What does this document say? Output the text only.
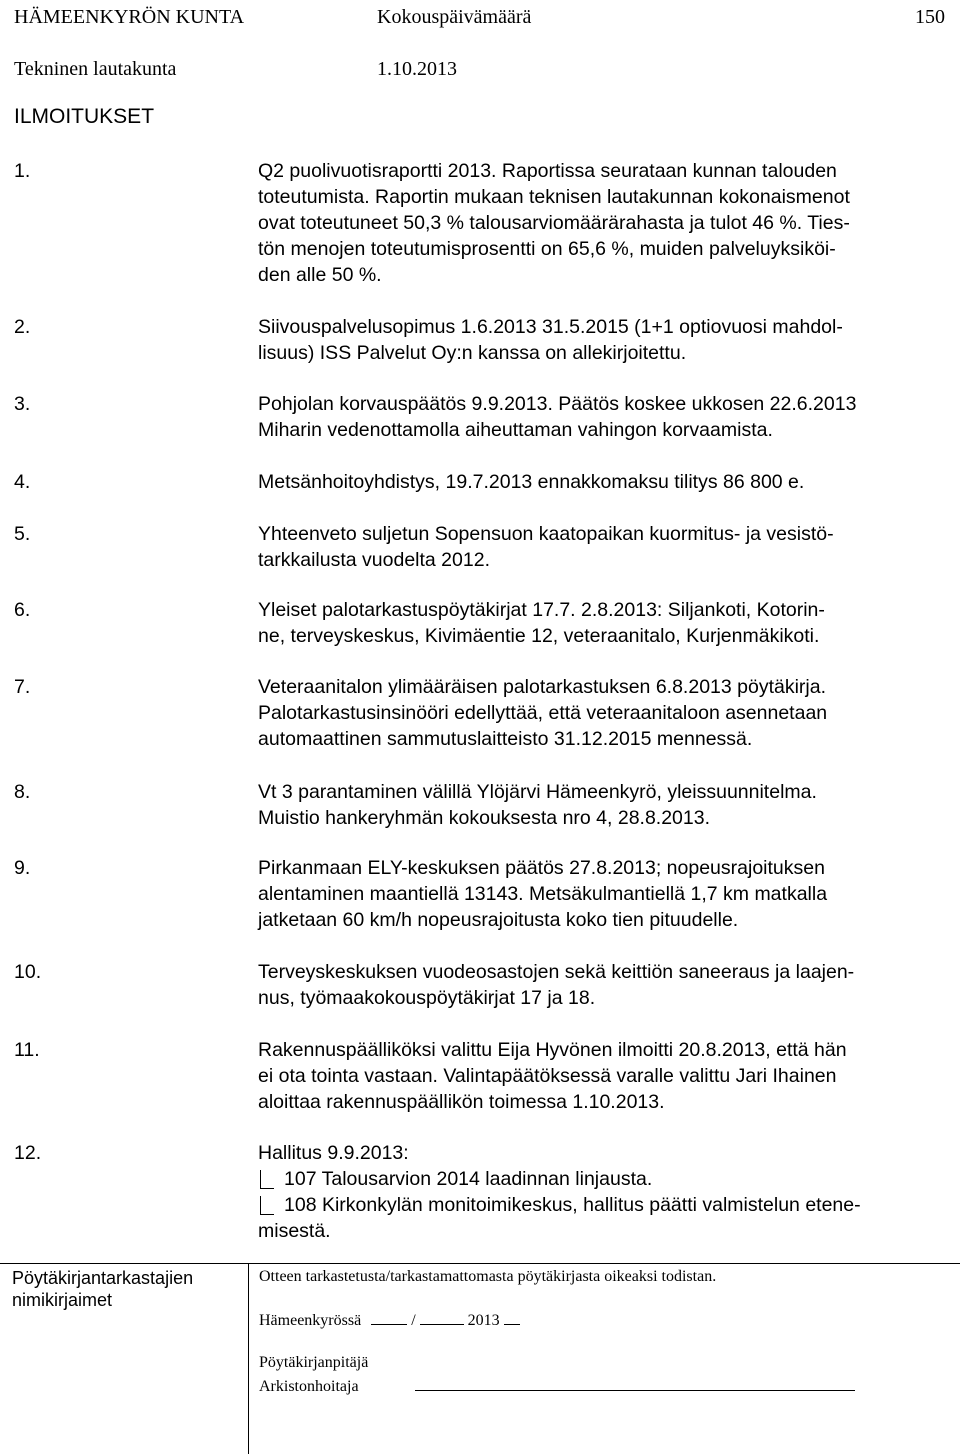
HÄMEENKYRÖN KUNTA	Kokouspäivämäärä	150
Tekninen lautakunta	1.10.2013
ILMOITUKSET
1.	Q2 puolivuotisraportti 2013. Raportissa seurataan kunnan talouden
toteutumista. Raportin mukaan teknisen lautakunnan kokonaismenot
ovat toteutuneet 50,3 % talousarviomäärärahasta ja tulot 46 %. Ties-
tön menojen toteutumisprosentti on 65,6 %, muiden palveluyksiköi-
den alle 50 %.
2.	Siivouspalvelusopimus 1.6.2013 31.5.2015 (1+1 optiovuosi mahdol-
lisuus) ISS Palvelut Oy:n kanssa on allekirjoitettu.
3.	Pohjolan korvauspäätös 9.9.2013. Päätös koskee ukkosen 22.6.2013
Miharin vedenottamolla aiheuttaman vahingon korvaamista.
4.	Metsänhoitoyhdistys, 19.7.2013 ennakkomaksu tilitys 86 800 e.
5.	Yhteenveto suljetun Sopensuon kaatopaikan kuormitus- ja vesistö-
tarkkailusta vuodelta 2012.
6.	Yleiset palotarkastuspöytäkirjat 17.7. 2.8.2013: Siljankoti, Kotorin-
ne, terveyskeskus, Kivimäentie 12, veteraanitalo, Kurjenmäkikoti.
7.	Veteraanitalon ylimääräisen palotarkastuksen 6.8.2013 pöytäkirja.
Palotarkastusinsinööri edellyttää, että veteraanitaloon asennetaan
automaattinen sammutuslaitteisto 31.12.2015 mennessä.
8.	Vt 3 parantaminen välillä Ylöjärvi Hämeenkyrö, yleissuunnitelma.
Muistio hankeryhmän kokouksesta nro 4, 28.8.2013.
9.	Pirkanmaan ELY-keskuksen päätös 27.8.2013; nopeusrajoituksen
alentaminen maantiellä 13143. Metsäkulmantiellä 1,7 km matkalla
jatketaan 60 km/h nopeusrajoitusta koko tien pituudelle.
10.	Terveyskeskuksen vuodeosastojen sekä keittiön saneeraus ja laajen-
nus, työmaakokouspöytäkirjat 17 ja 18.
11.	Rakennuspäälliköksi valittu Eija Hyvönen ilmoitti 20.8.2013, että hän
ei ota tointa vastaan. Valintapäätöksessä varalle valittu Jari Ihainen
aloittaa rakennuspäällikön toimessa 1.10.2013.
12.	Hallitus 9.9.2013:
107 Talousarvion 2014 laadinnan linjausta.
108 Kirkonkylän monitoimikeskus, hallitus päätti valmistelun etene-
misestä.
Pöytäkirjantarkastajien
nimikirjaimet
Otteen tarkastetusta/tarkastamattomasta pöytäkirjasta oikeaksi todistan.
Hämeenkyrössä	/	2013
Pöytäkirjanpitäjä
Arkistonhoitaja
